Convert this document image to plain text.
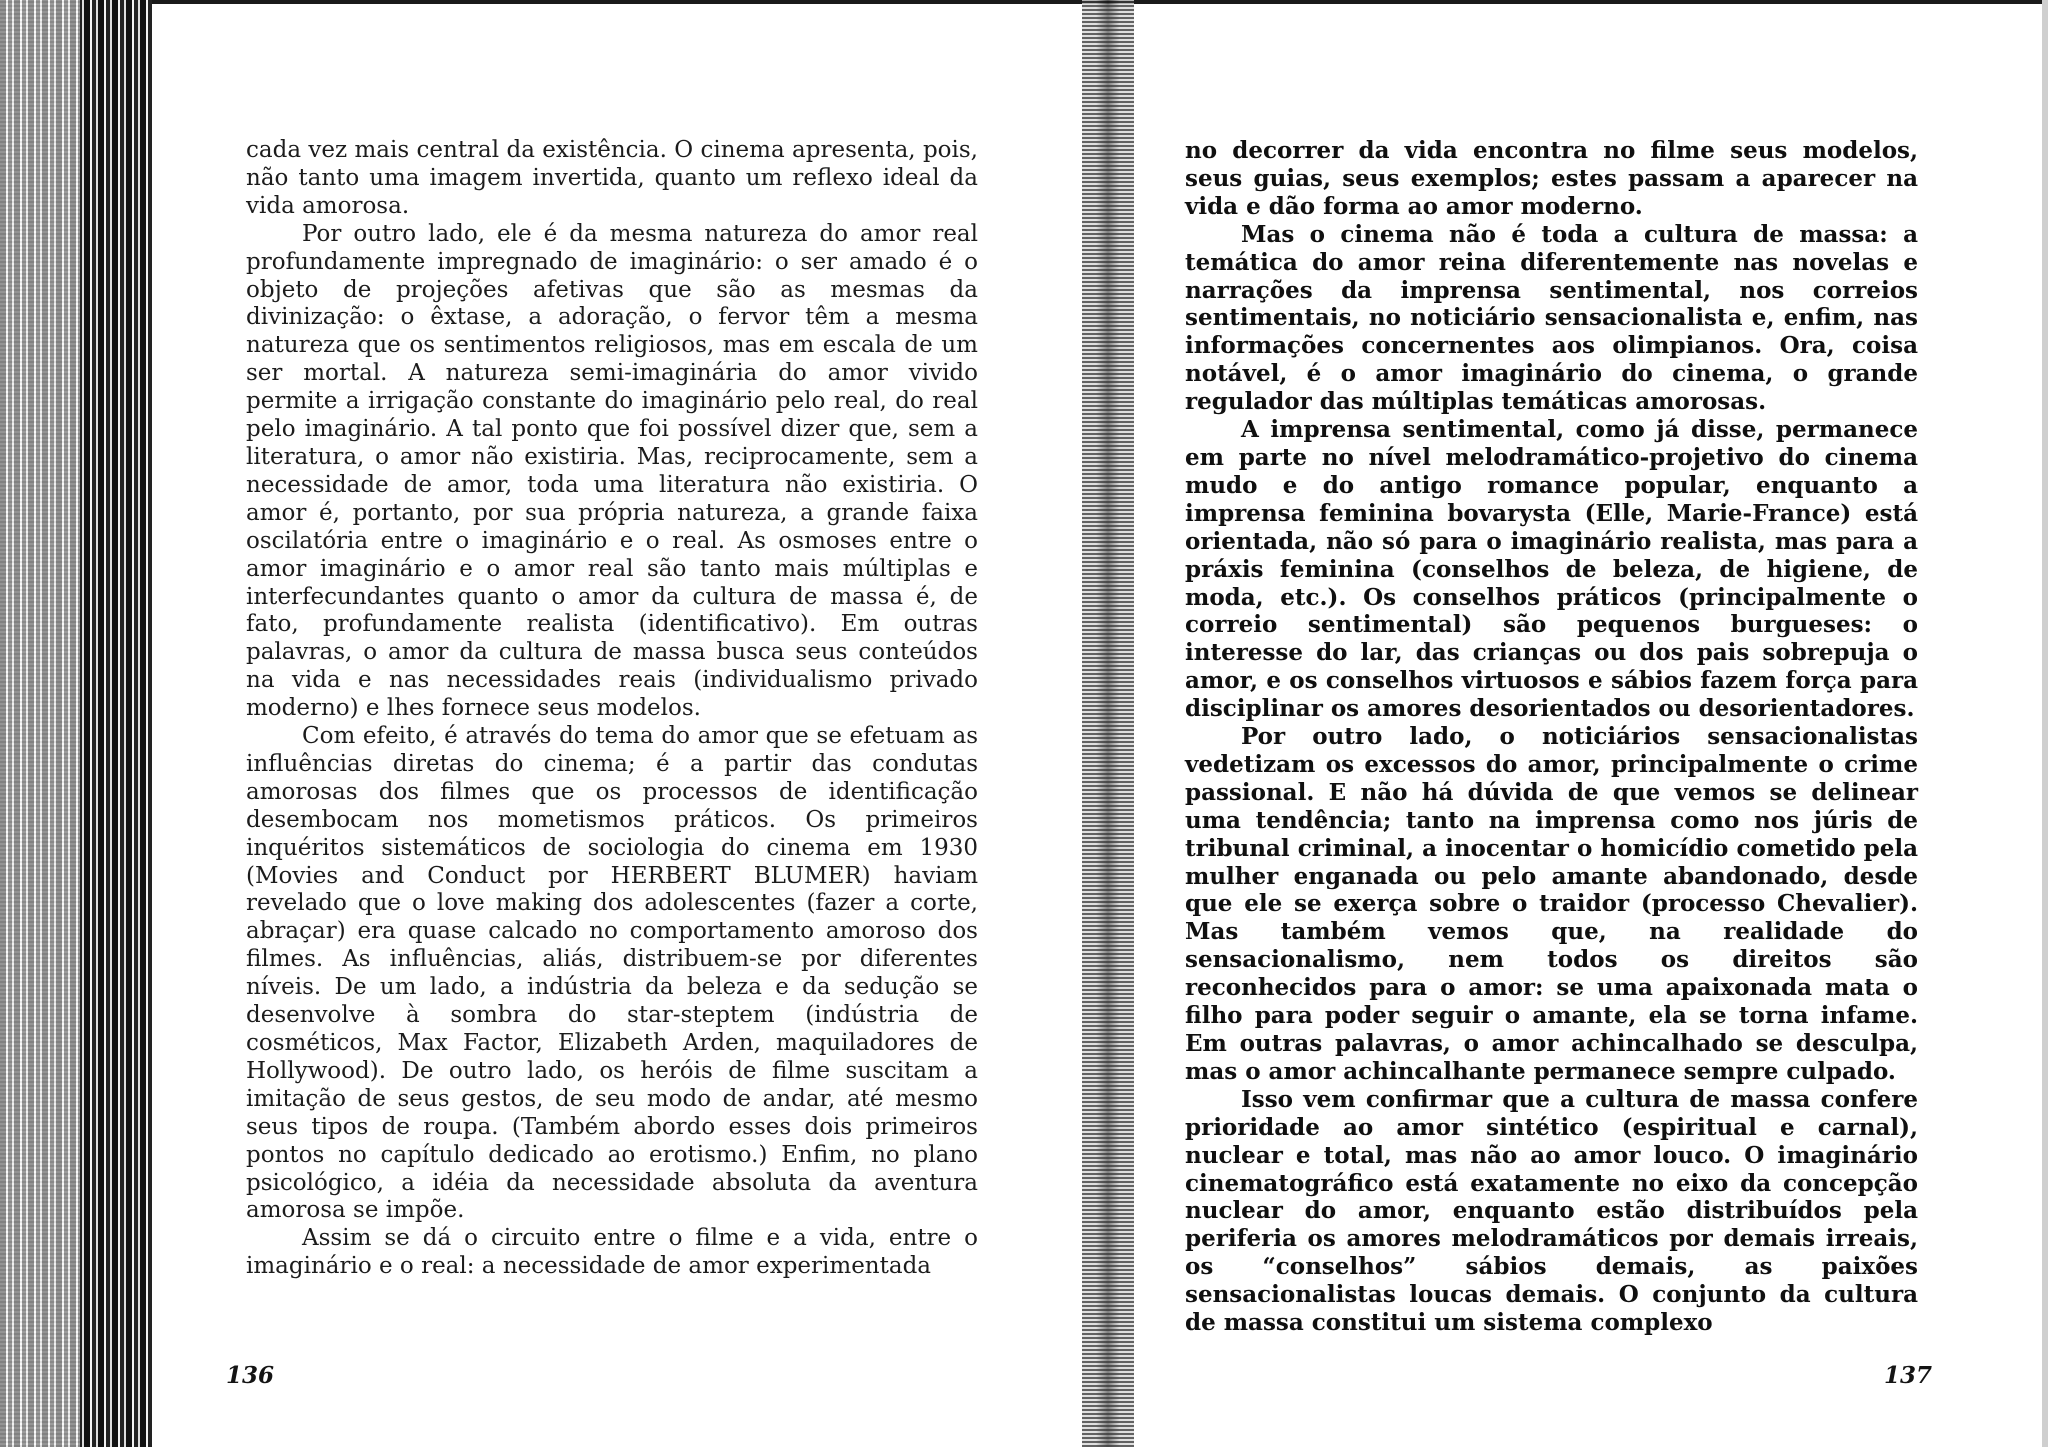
cada vez mais central da existência. O cinema apresenta, pois, não tanto uma imagem invertida, quanto um reflexo ideal da vida amorosa.

Por outro lado, ele é da mesma natureza do amor real profundamente impregnado de imaginário: o ser amado é o objeto de projeções afetivas que são as mesmas da divinização: o êxtase, a adoração, o fervor têm a mesma natureza que os sentimentos religiosos, mas em escala de um ser mortal. A natureza semi-imaginária do amor vivido permite a irrigação constante do imaginário pelo real, do real pelo imaginário. A tal ponto que foi possível dizer que, sem a literatura, o amor não existiria. Mas, reciprocamente, sem a necessidade de amor, toda uma literatura não existiria. O amor é, portanto, por sua própria natureza, a grande faixa oscilatória entre o imaginário e o real. As osmoses entre o amor imaginário e o amor real são tanto mais múltiplas e interfecundantes quanto o amor da cultura de massa é, de fato, profundamente realista (identificativo). Em outras palavras, o amor da cultura de massa busca seus conteúdos na vida e nas necessidades reais (individualismo privado moderno) e lhes fornece seus modelos.

Com efeito, é através do tema do amor que se efetuam as influências diretas do cinema; é a partir das condutas amorosas dos filmes que os processos de identificação desembocam nos mometismos práticos. Os primeiros inquéritos sistemáticos de sociologia do cinema em 1930 (Movies and Conduct por HERBERT BLUMER) haviam revelado que o love making dos adolescentes (fazer a corte, abraçar) era quase calcado no comportamento amoroso dos filmes. As influências, aliás, distribuem-se por diferentes níveis. De um lado, a indústria da beleza e da sedução se desenvolve à sombra do star-steptem (indústria de cosméticos, Max Factor, Elizabeth Arden, maquiladores de Hollywood). De outro lado, os heróis de filme suscitam a imitação de seus gestos, de seu modo de andar, até mesmo seus tipos de roupa. (Também abordo esses dois primeiros pontos no capítulo dedicado ao erotismo.) Enfim, no plano psicológico, a idéia da necessidade absoluta da aventura amorosa se impõe.

Assim se dá o circuito entre o filme e a vida, entre o imaginário e o real: a necessidade de amor experimentada

136

no decorrer da vida encontra no filme seus modelos, seus guias, seus exemplos; estes passam a aparecer na vida e dão forma ao amor moderno.

Mas o cinema não é toda a cultura de massa: a temática do amor reina diferentemente nas novelas e narrações da imprensa sentimental, nos correios sentimentais, no noticiário sensacionalista e, enfim, nas informações concernentes aos olimpianos. Ora, coisa notável, é o amor imaginário do cinema, o grande regulador das múltiplas temáticas amorosas.

A imprensa sentimental, como já disse, permanece em parte no nível melodramático-projetivo do cinema mudo e do antigo romance popular, enquanto a imprensa feminina bovarysta (Elle, Marie-France) está orientada, não só para o imaginário realista, mas para a práxis feminina (conselhos de beleza, de higiene, de moda, etc.). Os conselhos práticos (principalmente o correio sentimental) são pequenos burgueses: o interesse do lar, das crianças ou dos pais sobrepuja o amor, e os conselhos virtuosos e sábios fazem força para disciplinar os amores desorientados ou desorientadores.

Por outro lado, o noticiários sensacionalistas vedetizam os excessos do amor, principalmente o crime passional. E não há dúvida de que vemos se delinear uma tendência; tanto na imprensa como nos júris de tribunal criminal, a inocentar o homicídio cometido pela mulher enganada ou pelo amante abandonado, desde que ele se exerça sobre o traidor (processo Chevalier). Mas também vemos que, na realidade do sensacionalismo, nem todos os direitos são reconhecidos para o amor: se uma apaixonada mata o filho para poder seguir o amante, ela se torna infame. Em outras palavras, o amor achincalhado se desculpa, mas o amor achincalhante permanece sempre culpado.

Isso vem confirmar que a cultura de massa confere prioridade ao amor sintético (espiritual e carnal), nuclear e total, mas não ao amor louco. O imaginário cinematográfico está exatamente no eixo da concepção nuclear do amor, enquanto estão distribuídos pela periferia os amores melodramáticos por demais irreais, os “conselhos” sábios demais, as paixões sensacionalistas loucas demais. O conjunto da cultura de massa constitui um sistema complexo

137
